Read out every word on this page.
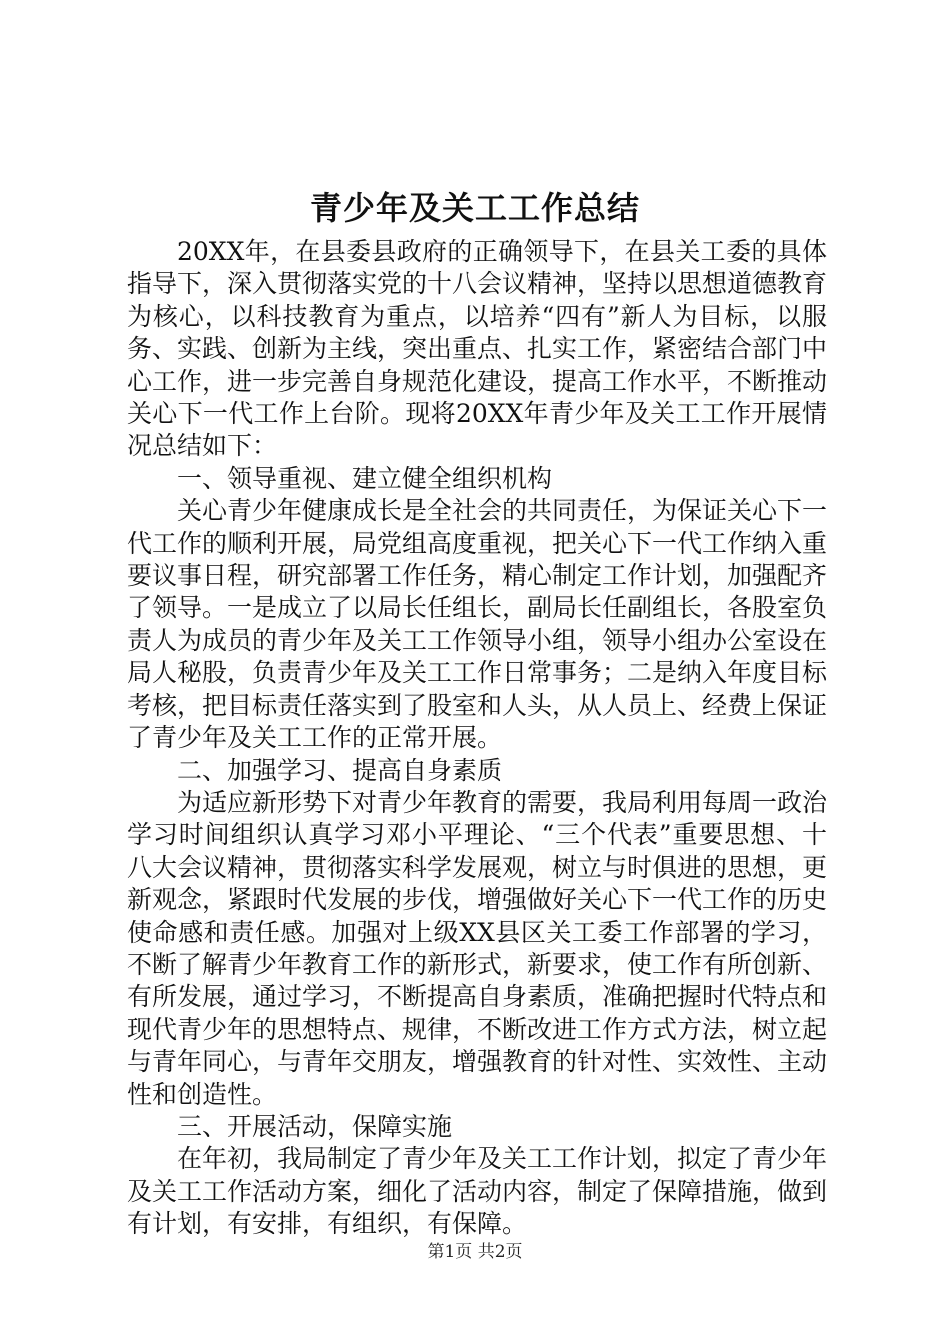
青少年及关工工作总结

20XX年，在县委县政府的正确领导下，在县关工委的具体指导下，深入贯彻落实党的十八会议精神，坚持以思想道德教育为核心，以科技教育为重点，以培养“四有”新人为目标，以服务、实践、创新为主线，突出重点、扎实工作，紧密结合部门中心工作，进一步完善自身规范化建设，提高工作水平，不断推动关心下一代工作上台阶。现将20XX年青少年及关工工作开展情况总结如下：

一、领导重视、建立健全组织机构

关心青少年健康成长是全社会的共同责任，为保证关心下一代工作的顺利开展，局党组高度重视，把关心下一代工作纳入重要议事日程，研究部署工作任务，精心制定工作计划，加强配齐了领导。一是成立了以局长任组长，副局长任副组长，各股室负责人为成员的青少年及关工工作领导小组，领导小组办公室设在局人秘股，负责青少年及关工工作日常事务；二是纳入年度目标考核，把目标责任落实到了股室和人头，从人员上、经费上保证了青少年及关工工作的正常开展。

二、加强学习、提高自身素质

为适应新形势下对青少年教育的需要，我局利用每周一政治学习时间组织认真学习邓小平理论、“三个代表”重要思想、十八大会议精神，贯彻落实科学发展观，树立与时俱进的思想，更新观念，紧跟时代发展的步伐，增强做好关心下一代工作的历史使命感和责任感。加强对上级XX县区关工委工作部署的学习，不断了解青少年教育工作的新形式，新要求，使工作有所创新、有所发展，通过学习，不断提高自身素质，准确把握时代特点和现代青少年的思想特点、规律，不断改进工作方式方法，树立起与青年同心，与青年交朋友，增强教育的针对性、实效性、主动性和创造性。

三、开展活动，保障实施

在年初，我局制定了青少年及关工工作计划，拟定了青少年及关工工作活动方案，细化了活动内容，制定了保障措施，做到有计划，有安排，有组织，有保障。

第1页 共2页
